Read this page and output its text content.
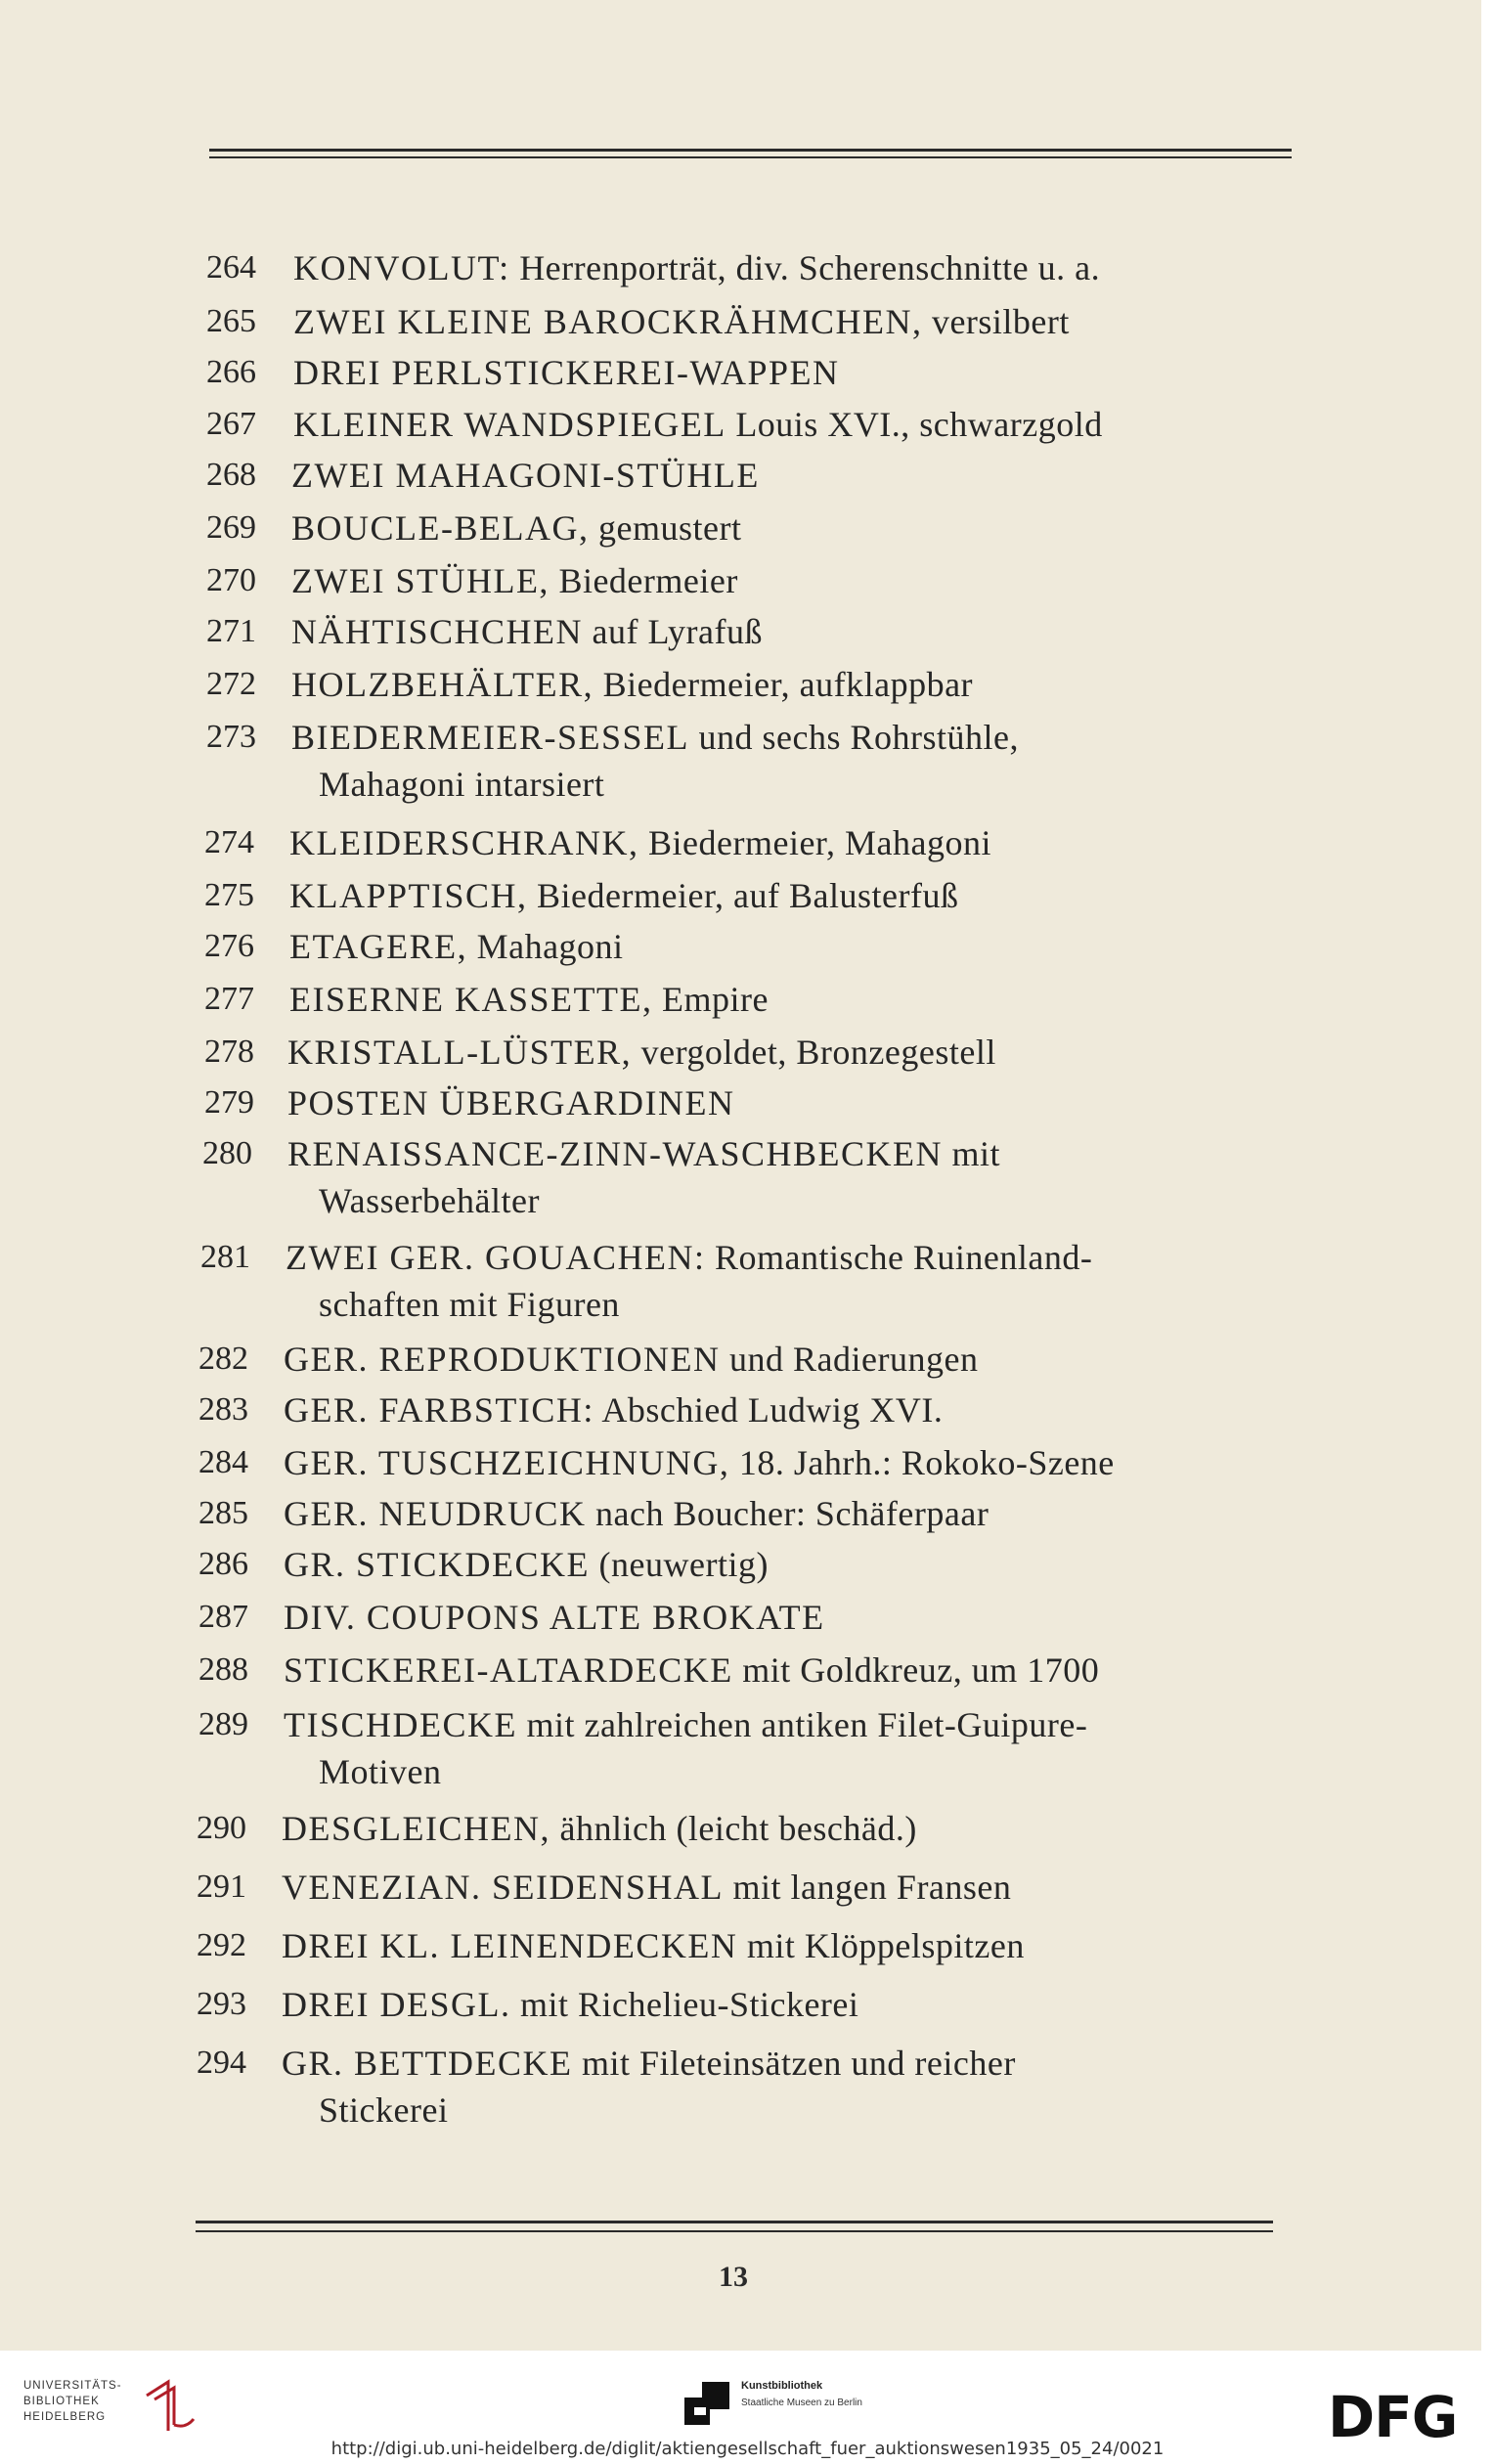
264 KONVOLUT: Herrenporträt, div. Scherenschnitte u. a.
265 ZWEI KLEINE BAROCKRÄHMCHEN, versilbert
266 DREI PERLSTICKEREI-WAPPEN
267 KLEINER WANDSPIEGEL Louis XVI., schwarzgold
268 ZWEI MAHAGONI-STÜHLE
269 BOUCLE-BELAG, gemustert
270 ZWEI STÜHLE, Biedermeier
271 NÄHTISCHCHEN auf Lyrafuß
272 HOLZBEHÄLTER, Biedermeier, aufklappbar
273 BIEDERMEIER-SESSEL und sechs Rohrstühle,
Mahagoni intarsiert
274 KLEIDERSCHRANK, Biedermeier, Mahagoni
275 KLAPPTISCH, Biedermeier, auf Balusterfuß
276 ETAGERE, Mahagoni
277 EISERNE KASSETTE, Empire
278 KRISTALL-LÜSTER, vergoldet, Bronzegestell
279 POSTEN ÜBERGARDINEN
280 RENAISSANCE-ZINN-WASCHBECKEN mit
Wasserbehälter
281 ZWEI GER. GOUACHEN: Romantische Ruinenland-
schaften mit Figuren
282 GER. REPRODUKTIONEN und Radierungen
283 GER. FARBSTICH: Abschied Ludwig XVI.
284 GER. TUSCHZEICHNUNG, 18. Jahrh.: Rokoko-Szene
285 GER. NEUDRUCK nach Boucher: Schäferpaar
286 GR. STICKDECKE (neuwertig)
287 DIV. COUPONS ALTE BROKATE
288 STICKEREI-ALTARDECKE mit Goldkreuz, um 1700
289 TISCHDECKE mit zahlreichen antiken Filet-Guipure-
Motiven
290 DESGLEICHEN, ähnlich (leicht beschäd.)
291 VENEZIAN. SEIDENSHAL mit langen Fransen
292 DREI KL. LEINENDECKEN mit Klöppelspitzen
293 DREI DESGL. mit Richelieu-Stickerei
294 GR. BETTDECKE mit Fileteinsätzen und reicher
Stickerei
13
UNIVERSITÄTS-
BIBLIOTHEK
HEIDELBERG
Kunstbibliothek
Staatliche Museen zu Berlin	DFG
http://digi.ub.uni-heidelberg.de/diglit/aktiengesellschaft_fuer_auktionswesen1935_05_24/0021
